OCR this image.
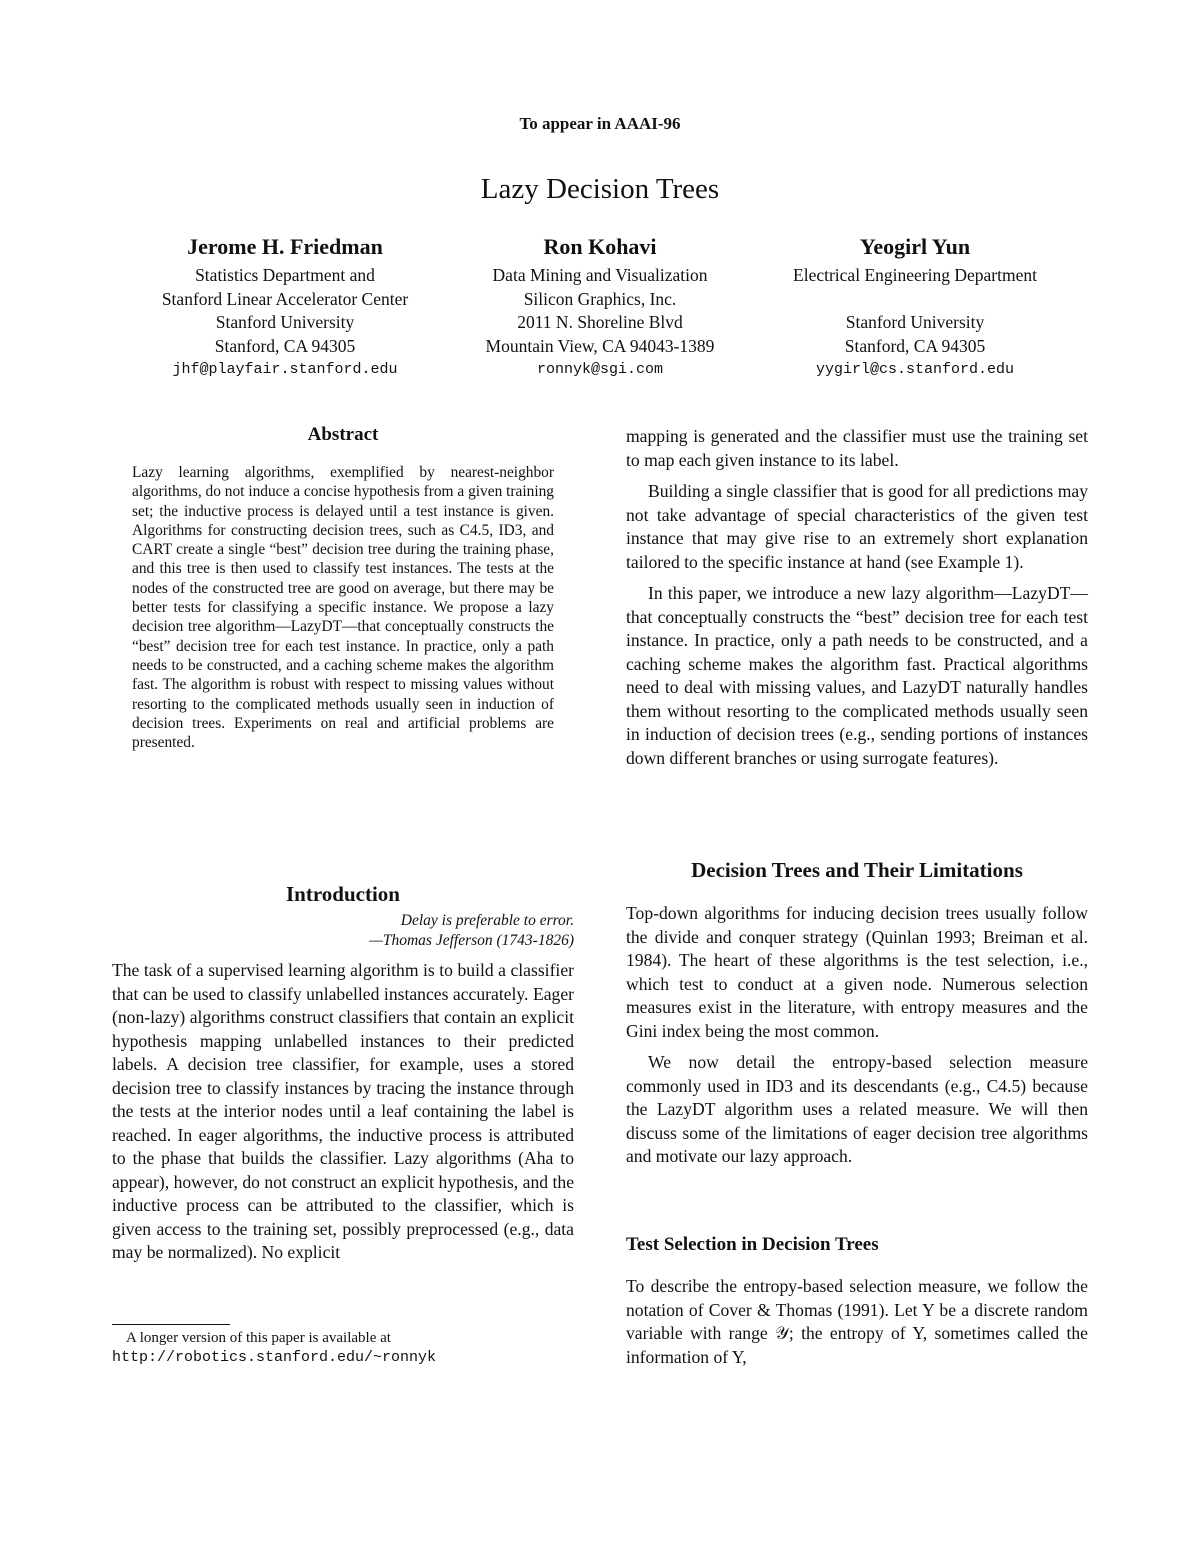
To appear in AAAI-96
Lazy Decision Trees
Jerome H. Friedman
Statistics Department and
Stanford Linear Accelerator Center
Stanford University
Stanford, CA 94305
jhf@playfair.stanford.edu
Ron Kohavi
Data Mining and Visualization
Silicon Graphics, Inc.
2011 N. Shoreline Blvd
Mountain View, CA 94043-1389
ronnyk@sgi.com
Yeogirl Yun
Electrical Engineering Department

Stanford University
Stanford, CA 94305
yygirl@cs.stanford.edu
Abstract
Lazy learning algorithms, exemplified by nearest-neighbor algorithms, do not induce a concise hypothesis from a given training set; the inductive process is delayed until a test instance is given. Algorithms for constructing decision trees, such as C4.5, ID3, and CART create a single “best” decision tree during the training phase, and this tree is then used to classify test instances. The tests at the nodes of the constructed tree are good on average, but there may be better tests for classifying a specific instance. We propose a lazy decision tree algorithm—LazyDT—that conceptually constructs the “best” decision tree for each test instance. In practice, only a path needs to be constructed, and a caching scheme makes the algorithm fast. The algorithm is robust with respect to missing values without resorting to the complicated methods usually seen in induction of decision trees. Experiments on real and artificial problems are presented.
Introduction
Delay is preferable to error.
—Thomas Jefferson (1743-1826)
The task of a supervised learning algorithm is to build a classifier that can be used to classify unlabelled instances accurately. Eager (non-lazy) algorithms construct classifiers that contain an explicit hypothesis mapping unlabelled instances to their predicted labels. A decision tree classifier, for example, uses a stored decision tree to classify instances by tracing the instance through the tests at the interior nodes until a leaf containing the label is reached. In eager algorithms, the inductive process is attributed to the phase that builds the classifier. Lazy algorithms (Aha to appear), however, do not construct an explicit hypothesis, and the inductive process can be attributed to the classifier, which is given access to the training set, possibly preprocessed (e.g., data may be normalized). No explicit
A longer version of this paper is available at
http://robotics.stanford.edu/~ronnyk

mapping is generated and the classifier must use the training set to map each given instance to its label.

Building a single classifier that is good for all predictions may not take advantage of special characteristics of the given test instance that may give rise to an extremely short explanation tailored to the specific instance at hand (see Example 1).

In this paper, we introduce a new lazy algorithm—LazyDT—that conceptually constructs the “best” decision tree for each test instance. In practice, only a path needs to be constructed, and a caching scheme makes the algorithm fast. Practical algorithms need to deal with missing values, and LazyDT naturally handles them without resorting to the complicated methods usually seen in induction of decision trees (e.g., sending portions of instances down different branches or using surrogate features).

Decision Trees and Their Limitations

Top-down algorithms for inducing decision trees usually follow the divide and conquer strategy (Quinlan 1993; Breiman et al. 1984). The heart of these algorithms is the test selection, i.e., which test to conduct at a given node. Numerous selection measures exist in the literature, with entropy measures and the Gini index being the most common.

We now detail the entropy-based selection measure commonly used in ID3 and its descendants (e.g., C4.5) because the LazyDT algorithm uses a related measure. We will then discuss some of the limitations of eager decision tree algorithms and motivate our lazy approach.

Test Selection in Decision Trees

To describe the entropy-based selection measure, we follow the notation of Cover & Thomas (1991). Let Y be a discrete random variable with range 𝒴; the entropy of Y, sometimes called the information of Y,
